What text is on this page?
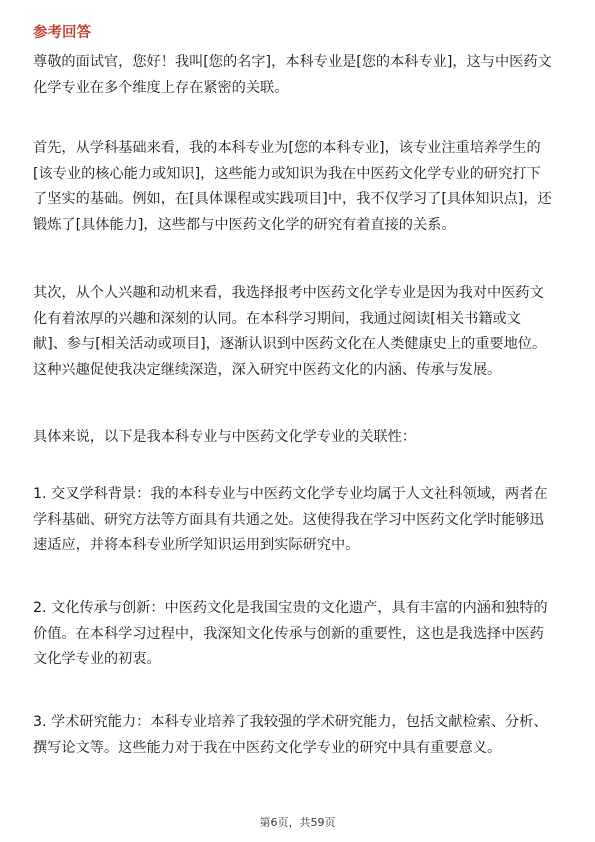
参考回答

尊敬的面试官，您好！我叫[您的名字]，本科专业是[您的本科专业]，这与中医药文
化学专业在多个维度上存在紧密的关联。
首先，从学科基础来看，我的本科专业为[您的本科专业]，该专业注重培养学生的
[该专业的核心能力或知识]，这些能力或知识为我在中医药文化学专业的研究打下
了坚实的基础。例如，在[具体课程或实践项目]中，我不仅学习了[具体知识点]，还
锻炼了[具体能力]，这些都与中医药文化学的研究有着直接的关系。
其次，从个人兴趣和动机来看，我选择报考中医药文化学专业是因为我对中医药文
化有着浓厚的兴趣和深刻的认同。在本科学习期间，我通过阅读[相关书籍或文
献]、参与[相关活动或项目]，逐渐认识到中医药文化在人类健康史上的重要地位。
这种兴趣促使我决定继续深造，深入研究中医药文化的内涵、传承与发展。
具体来说，以下是我本科专业与中医药文化学专业的关联性：
1. 交叉学科背景：我的本科专业与中医药文化学专业均属于人文社科领域，两者在
学科基础、研究方法等方面具有共通之处。这使得我在学习中医药文化学时能够迅
速适应，并将本科专业所学知识运用到实际研究中。
2. 文化传承与创新：中医药文化是我国宝贵的文化遗产，具有丰富的内涵和独特的
价值。在本科学习过程中，我深知文化传承与创新的重要性，这也是我选择中医药
文化学专业的初衷。
3. 学术研究能力：本科专业培养了我较强的学术研究能力，包括文献检索、分析、
撰写论文等。这些能力对于我在中医药文化学专业的研究中具有重要意义。

第6页，共59页
